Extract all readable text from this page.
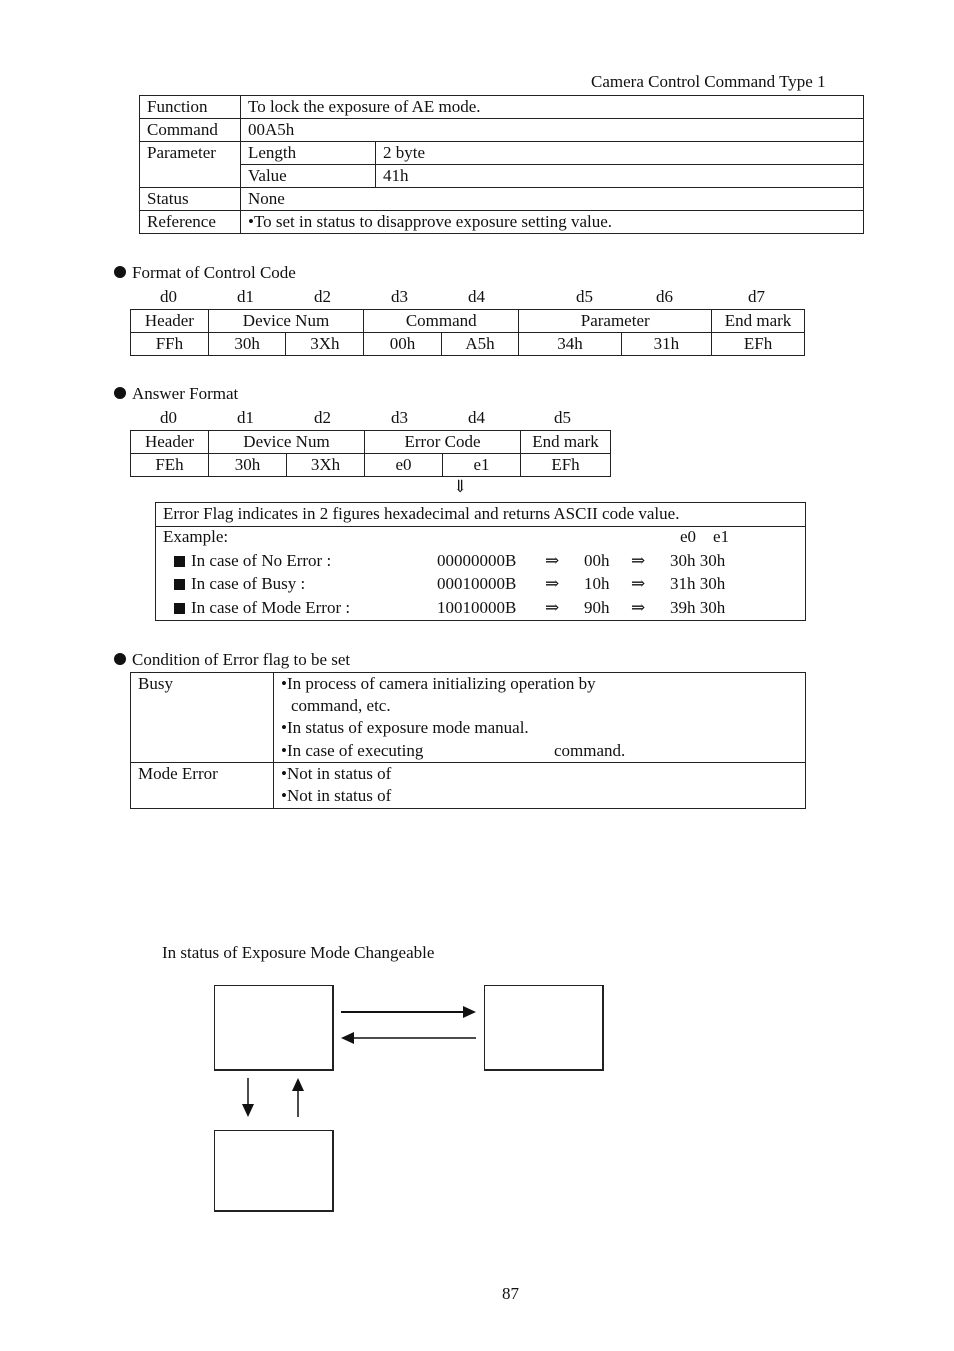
Camera Control Command Type 1
Function	To lock the exposure of AE mode.	
Command	00A5h	
Parameter	Length	2 byte
	Value	41h
Status	None	
Reference	•To set in status to disapprove exposure setting value.	
Format of Control Code
d0	d1	d2	d3	d4	d5	d6	d7
Header	Device Num		Command		Parameter		End mark
FFh	30h	3Xh	00h	A5h	34h	31h	EFh
Answer Format
d0	d1	d2	d3	d4	d5
Header	Device Num		Error Code		End mark
FEh	30h	3Xh	e0	e1	EFh
⇓
Error Flag indicates in 2 figures hexadecimal and returns ASCII code value.
Example:	e0    e1
In case of No Error :	00000000B ⇒ 00h ⇒ 30h 30h
In case of Busy :	00010000B ⇒ 10h ⇒ 31h 30h
In case of Mode Error :	10010000B ⇒ 90h ⇒ 39h 30h
Condition of Error flag to be set
Busy	•In process of camera initializing operation by
command, etc.
•In status of exposure mode manual.
•In case of executing	command.
Mode Error	•Not in status of
•Not in status of
In status of Exposure Mode Changeable
87
